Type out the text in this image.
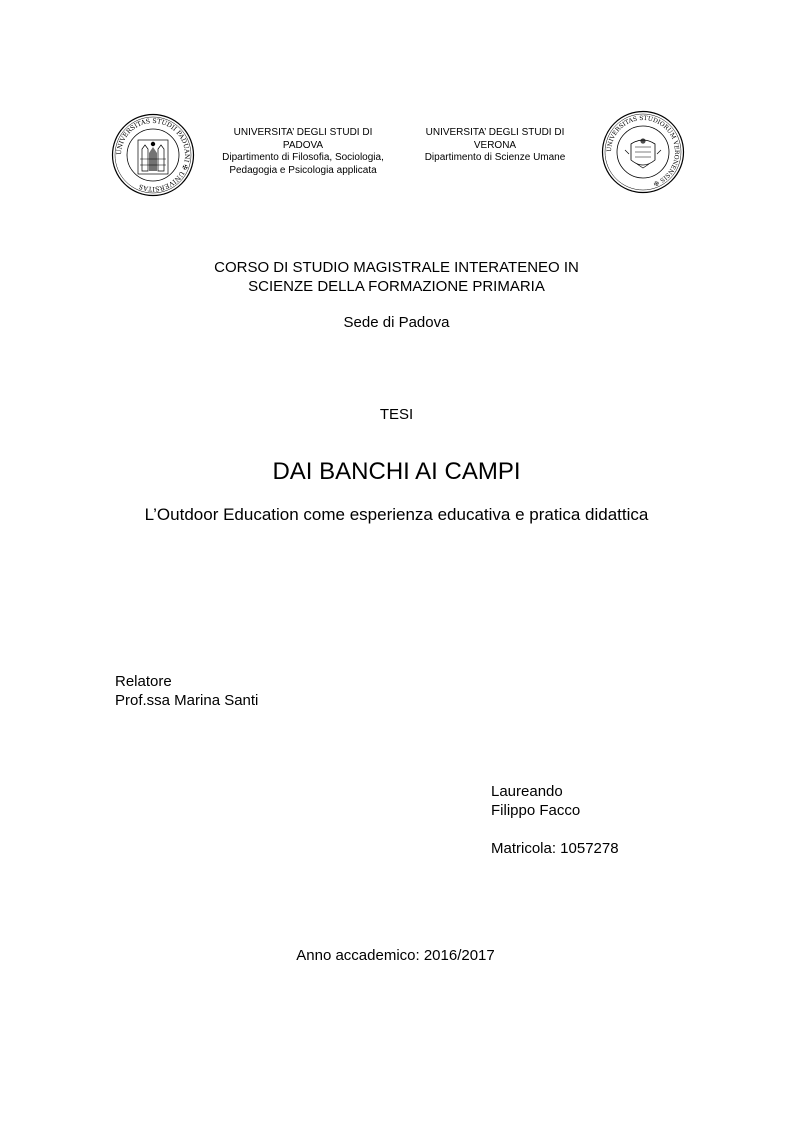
UNIVERSITAS STUDII PADUANI ✠ UNIVERSITAS
UNIVERSITA’ DEGLI STUDI DI
PADOVA
Dipartimento di Filosofia, Sociologia,
Pedagogia e Psicologia applicata
UNIVERSITA’ DEGLI STUDI DI
VERONA
Dipartimento di Scienze Umane
UNIVERSITAS STUDIORUM VERONENSIS ✠
CORSO DI STUDIO MAGISTRALE INTERATENEO IN
SCIENZE DELLA FORMAZIONE PRIMARIA
Sede di Padova
TESI
DAI BANCHI AI CAMPI
L’Outdoor Education come esperienza educativa e pratica didattica
Relatore
Prof.ssa Marina Santi
Laureando
Filippo Facco
Matricola: 1057278
Anno accademico: 2016/2017
